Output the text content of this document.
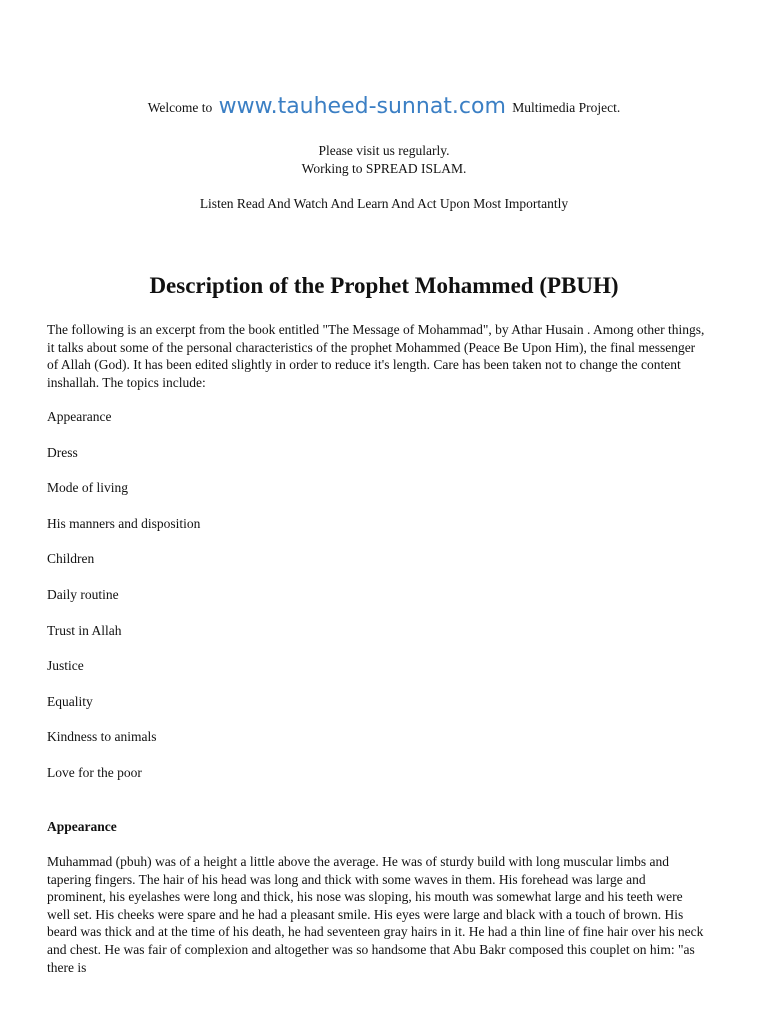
Welcome to www.tauheed-sunnat.com Multimedia Project.
Please visit us regularly.
Working to SPREAD ISLAM.
Listen Read And Watch And Learn And Act Upon Most Importantly
Description of the Prophet Mohammed (PBUH)

The following is an excerpt from the book entitled "The Message of Mohammad", by Athar Husain . Among other things, it talks about some of the personal characteristics of the prophet Mohammed (Peace Be Upon Him), the final messenger of Allah (God). It has been edited slightly in order to reduce it's length. Care has been taken not to change the content inshallah. The topics include:

Appearance
Dress
Mode of living
His manners and disposition
Children
Daily routine
Trust in Allah
Justice
Equality
Kindness to animals
Love for the poor
Appearance

Muhammad (pbuh) was of a height a little above the average. He was of sturdy build with long muscular limbs and tapering fingers. The hair of his head was long and thick with some waves in them. His forehead was large and prominent, his eyelashes were long and thick, his nose was sloping, his mouth was somewhat large and his teeth were well set. His cheeks were spare and he had a pleasant smile. His eyes were large and black with a touch of brown. His beard was thick and at the time of his death, he had seventeen gray hairs in it. He had a thin line of fine hair over his neck and chest. He was fair of complexion and altogether was so handsome that Abu Bakr composed this couplet on him: "as there is
